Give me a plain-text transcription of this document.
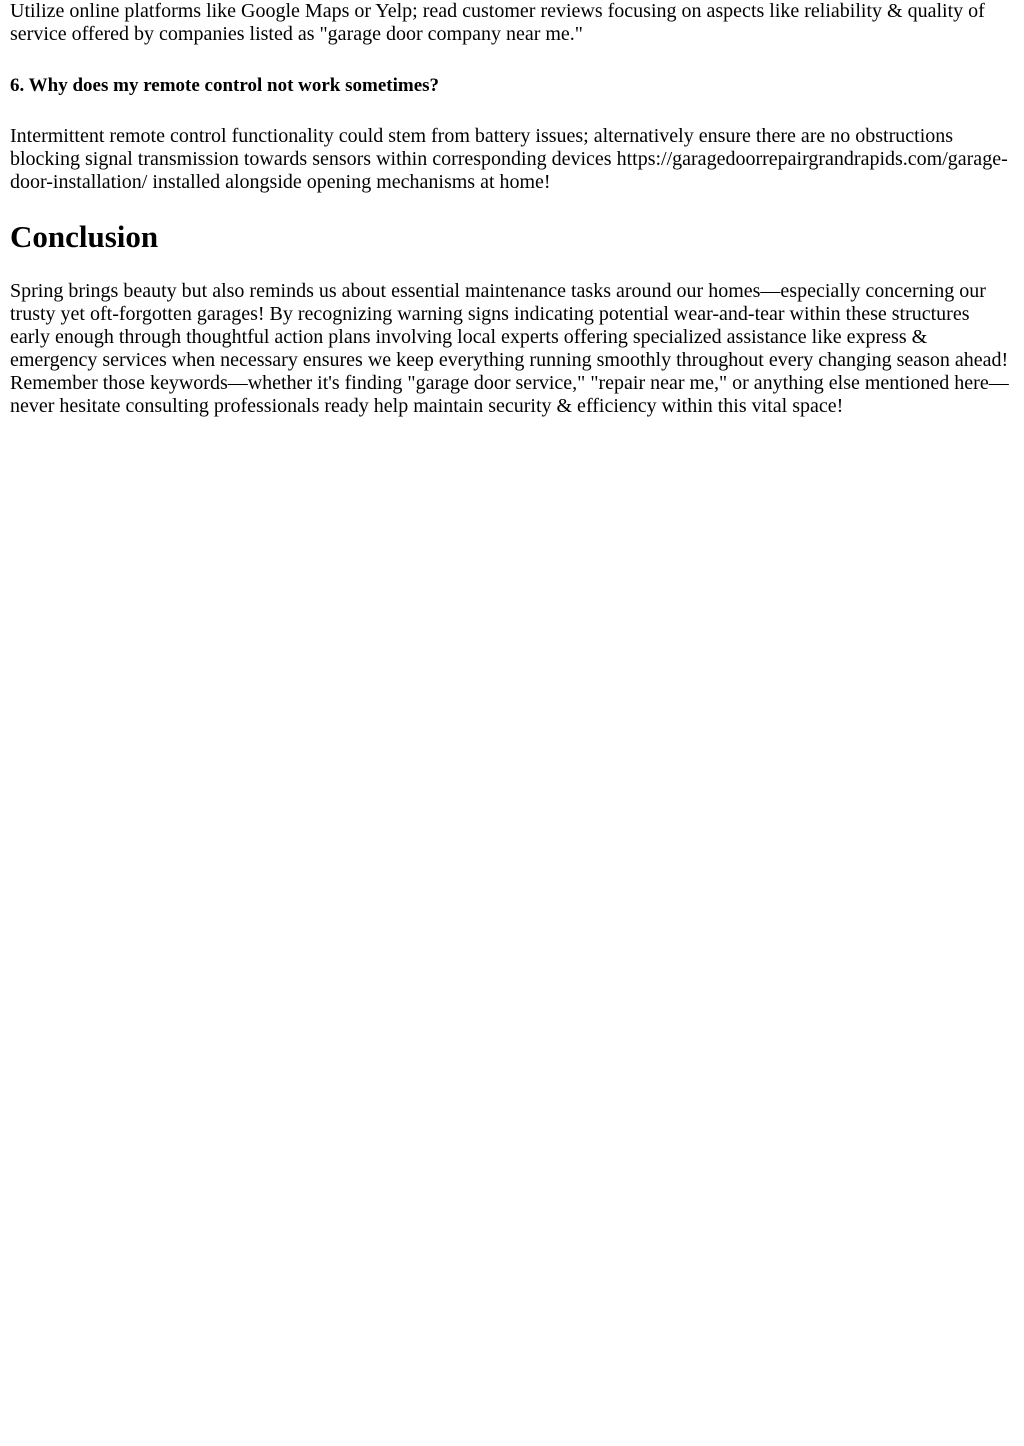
Utilize online platforms like Google Maps or Yelp; read customer reviews focusing on aspects like reliability & quality of service offered by companies listed as "garage door company near me."

6. Why does my remote control not work sometimes?

Intermittent remote control functionality could stem from battery issues; alternatively ensure there are no obstructions blocking signal transmission towards sensors within corresponding devices https://garagedoorrepairgrandrapids.com/garage-door-installation/ installed alongside opening mechanisms at home!

Conclusion

Spring brings beauty but also reminds us about essential maintenance tasks around our homes—especially concerning our trusty yet oft-forgotten garages! By recognizing warning signs indicating potential wear-and-tear within these structures early enough through thoughtful action plans involving local experts offering specialized assistance like express & emergency services when necessary ensures we keep everything running smoothly throughout every changing season ahead! Remember those keywords—whether it's finding "garage door service," "repair near me," or anything else mentioned here—never hesitate consulting professionals ready help maintain security & efficiency within this vital space!
